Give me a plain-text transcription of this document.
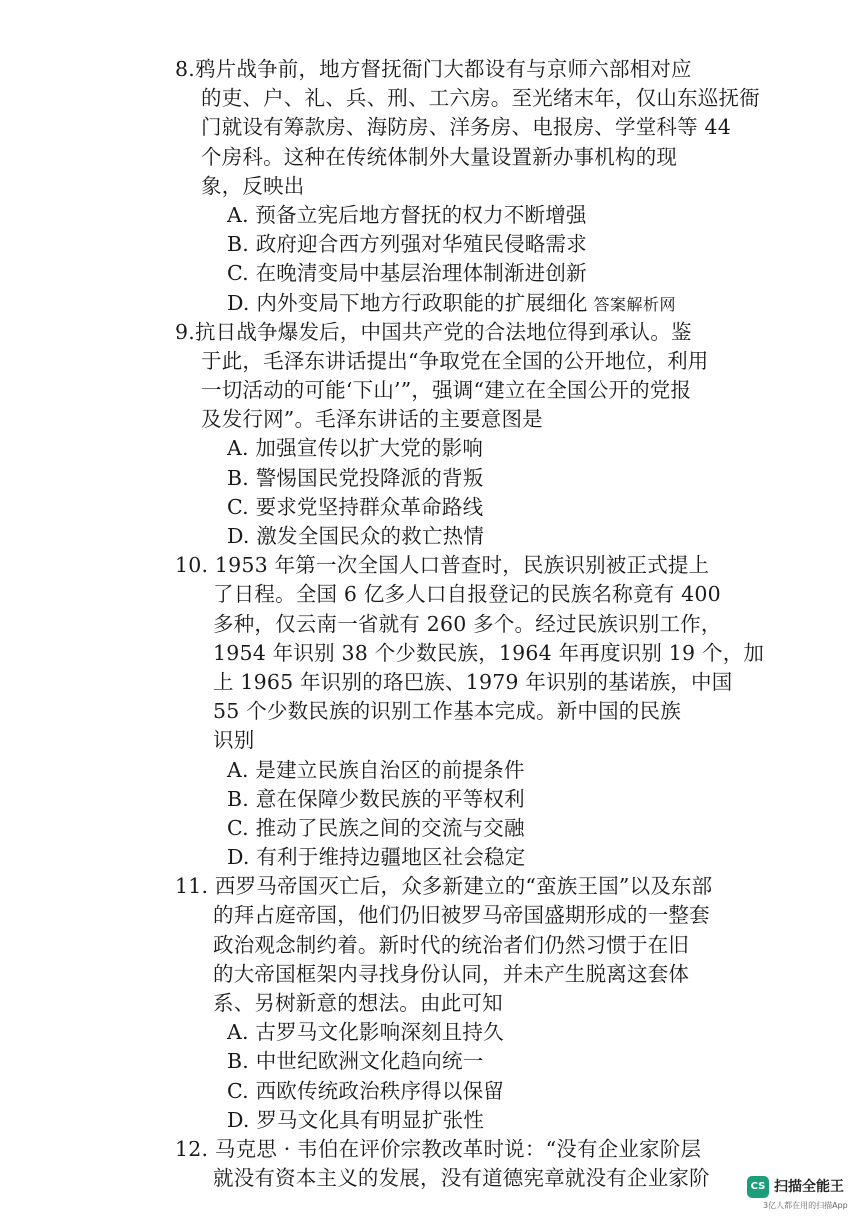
8.鸦片战争前，地方督抚衙门大都设有与京师六部相对应
的吏、户、礼、兵、刑、工六房。至光绪末年，仅山东巡抚衙
门就设有筹款房、海防房、洋务房、电报房、学堂科等 44
个房科。这种在传统体制外大量设置新办事机构的现
象，反映出
A. 预备立宪后地方督抚的权力不断增强
B. 政府迎合西方列强对华殖民侵略需求
C. 在晚清变局中基层治理体制渐进创新
D. 内外变局下地方行政职能的扩展细化 答案解析网
9.抗日战争爆发后，中国共产党的合法地位得到承认。鉴
于此，毛泽东讲话提出“争取党在全国的公开地位，利用
一切活动的可能‘下山’”，强调“建立在全国公开的党报
及发行网”。毛泽东讲话的主要意图是
A. 加强宣传以扩大党的影响
B. 警惕国民党投降派的背叛
C. 要求党坚持群众革命路线
D. 激发全国民众的救亡热情
10. 1953 年第一次全国人口普查时，民族识别被正式提上
了日程。全国 6 亿多人口自报登记的民族名称竟有 400
多种，仅云南一省就有 260 多个。经过民族识别工作，
1954 年识别 38 个少数民族，1964 年再度识别 19 个，加
上 1965 年识别的珞巴族、1979 年识别的基诺族，中国
55 个少数民族的识别工作基本完成。新中国的民族
识别
A. 是建立民族自治区的前提条件
B. 意在保障少数民族的平等权利
C. 推动了民族之间的交流与交融
D. 有利于维持边疆地区社会稳定
11. 西罗马帝国灭亡后，众多新建立的“蛮族王国”以及东部
的拜占庭帝国，他们仍旧被罗马帝国盛期形成的一整套
政治观念制约着。新时代的统治者们仍然习惯于在旧
的大帝国框架内寻找身份认同，并未产生脱离这套体
系、另树新意的想法。由此可知
A. 古罗马文化影响深刻且持久
B. 中世纪欧洲文化趋向统一
C. 西欧传统政治秩序得以保留
D. 罗马文化具有明显扩张性
12. 马克思 · 韦伯在评价宗教改革时说：“没有企业家阶层
就没有资本主义的发展，没有道德宪章就没有企业家阶	CS 扫描全能王
3亿人都在用的扫描App
